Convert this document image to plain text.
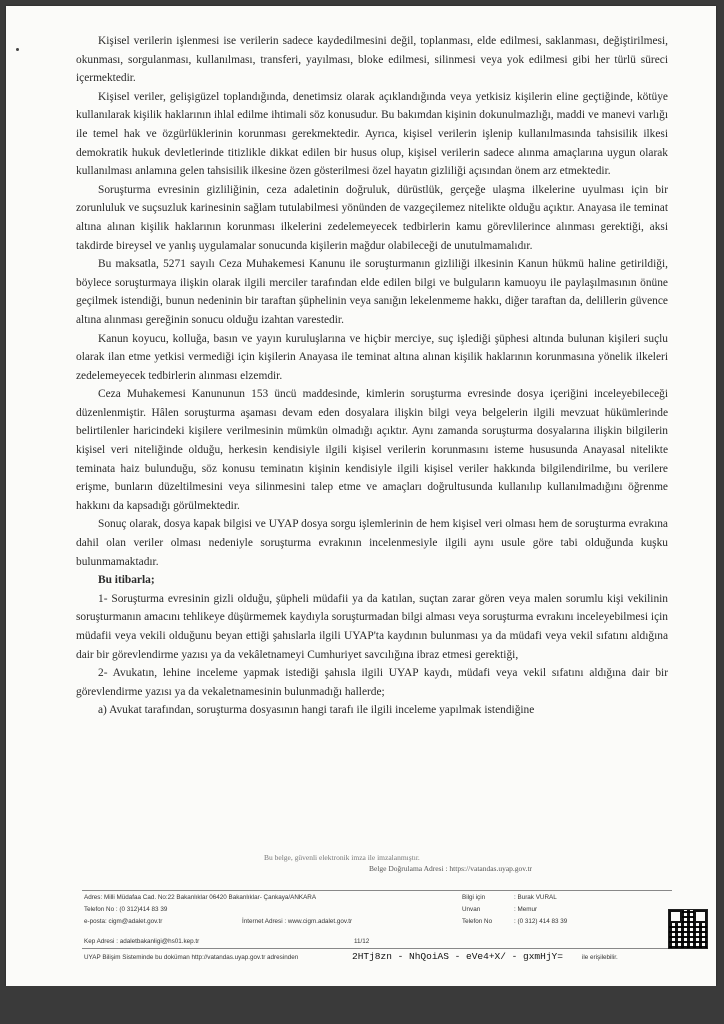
Kişisel verilerin işlenmesi ise verilerin sadece kaydedilmesini değil, toplanması, elde edilmesi, saklanması, değiştirilmesi, okunması, sorgulanması, kullanılması, transferi, yayılması, bloke edilmesi, silinmesi veya yok edilmesi gibi her türlü süreci içermektedir.

Kişisel veriler, gelişigüzel toplandığında, denetimsiz olarak açıklandığında veya yetkisiz kişilerin eline geçtiğinde, kötüye kullanılarak kişilik haklarının ihlal edilme ihtimali söz konusudur. Bu bakımdan kişinin dokunulmazlığı, maddi ve manevi varlığı ile temel hak ve özgürlüklerinin korunması gerekmektedir. Ayrıca, kişisel verilerin işlenip kullanılmasında tahsisilik ilkesi demokratik hukuk devletlerinde titizlikle dikkat edilen bir husus olup, kişisel verilerin sadece alınma amaçlarına uygun olarak kullanılması anlamına gelen tahsisilik ilkesine özen gösterilmesi özel hayatın gizliliği açısından önem arz etmektedir.

Soruşturma evresinin gizliliğinin, ceza adaletinin doğruluk, dürüstlük, gerçeğe ulaşma ilkelerine uyulması için bir zorunluluk ve suçsuzluk karinesinin sağlam tutulabilmesi yönünden de vazgeçilemez nitelikte olduğu açıktır. Anayasa ile teminat altına alınan kişilik haklarının korunması ilkelerini zedelemeyecek tedbirlerin kamu görevlilerince alınması gerektiği, aksi takdirde bireysel ve yanlış uygulamalar sonucunda kişilerin mağdur olabileceği de unutulmamalıdır.

Bu maksatla, 5271 sayılı Ceza Muhakemesi Kanunu ile soruşturmanın gizliliği ilkesinin Kanun hükmü haline getirildiği, böylece soruşturmaya ilişkin olarak ilgili merciler tarafından elde edilen bilgi ve bulguların kamuoyu ile paylaşılmasının önüne geçilmek istendiği, bunun nedeninin bir taraftan şüphelinin veya sanığın lekelenmeme hakkı, diğer taraftan da, delillerin güvence altına alınması gereğinin sonucu olduğu izahtan varestedir.

Kanun koyucu, kolluğa, basın ve yayın kuruluşlarına ve hiçbir merciye, suç işlediği şüphesi altında bulunan kişileri suçlu olarak ilan etme yetkisi vermediği için kişilerin Anayasa ile teminat altına alınan kişilik haklarının korunmasına yönelik ilkeleri zedelemeyecek tedbirlerin alınması elzemdir.

Ceza Muhakemesi Kanununun 153 üncü maddesinde, kimlerin soruşturma evresinde dosya içeriğini inceleyebileceği düzenlenmiştir. Hâlen soruşturma aşaması devam eden dosyalara ilişkin bilgi veya belgelerin ilgili mevzuat hükümlerinde belirtilenler haricindeki kişilere verilmesinin mümkün olmadığı açıktır. Aynı zamanda soruşturma dosyalarına ilişkin bilgilerin kişisel veri niteliğinde olduğu, herkesin kendisiyle ilgili kişisel verilerin korunmasını isteme hususunda Anayasal nitelikte teminata haiz bulunduğu, söz konusu teminatın kişinin kendisiyle ilgili kişisel veriler hakkında bilgilendirilme, bu verilere erişme, bunların düzeltilmesini veya silinmesini talep etme ve amaçları doğrultusunda kullanılıp kullanılmadığını öğrenme hakkını da kapsadığı görülmektedir.

Sonuç olarak, dosya kapak bilgisi ve UYAP dosya sorgu işlemlerinin de hem kişisel veri olması hem de soruşturma evrakına dahil olan veriler olması nedeniyle soruşturma evrakının incelenmesiyle ilgili aynı usule göre tabi olduğunda kuşku bulunmamaktadır.

Bu itibarla;

1- Soruşturma evresinin gizli olduğu, şüpheli müdafii ya da katılan, suçtan zarar gören veya malen sorumlu kişi vekilinin soruşturmanın amacını tehlikeye düşürmemek kaydıyla soruşturmadan bilgi alması veya soruşturma evrakını inceleyebilmesi için müdafii veya vekili olduğunu beyan ettiği şahıslarla ilgili UYAP'ta kaydının bulunması ya da müdafi veya vekil sıfatını aldığına dair bir görevlendirme yazısı ya da vekâletnameyi Cumhuriyet savcılığına ibraz etmesi gerektiği,

2- Avukatın, lehine inceleme yapmak istediği şahısla ilgili UYAP kaydı, müdafi veya vekil sıfatını aldığına dair bir görevlendirme yazısı ya da vekaletnamesinin bulunmadığı hallerde;

a) Avukat tarafından, soruşturma dosyasının hangi tarafı ile ilgili inceleme yapılmak istendiğine

Bu belge, güvenli elektronik imza ile imzalanmıştır.
Belge Doğrulama Adresi : https://vatandas.uyap.gov.tr
Adres: Milli Müdafaa Cad. No:22 Bakanlıklar 06420 Bakanlıklar- Çankaya/ANKARA
Telefon No : (0 312)414 83 39
e-posta: cigm@adalet.gov.tr	İnternet Adresi : www.cigm.adalet.gov.tr
Bilgi için	: Burak VURAL
Unvan	: Memur
Telefon No	: (0 312) 414 83 39
Kep Adresi : adaletbakanligi@hs01.kep.tr	11/12
UYAP Bilişim Sisteminde bu doküman http://vatandas.uyap.gov.tr adresinden	2HTj8zn - NhQoiAS - eVe4+X/ - gxmHjY=	ile erişilebilir.
